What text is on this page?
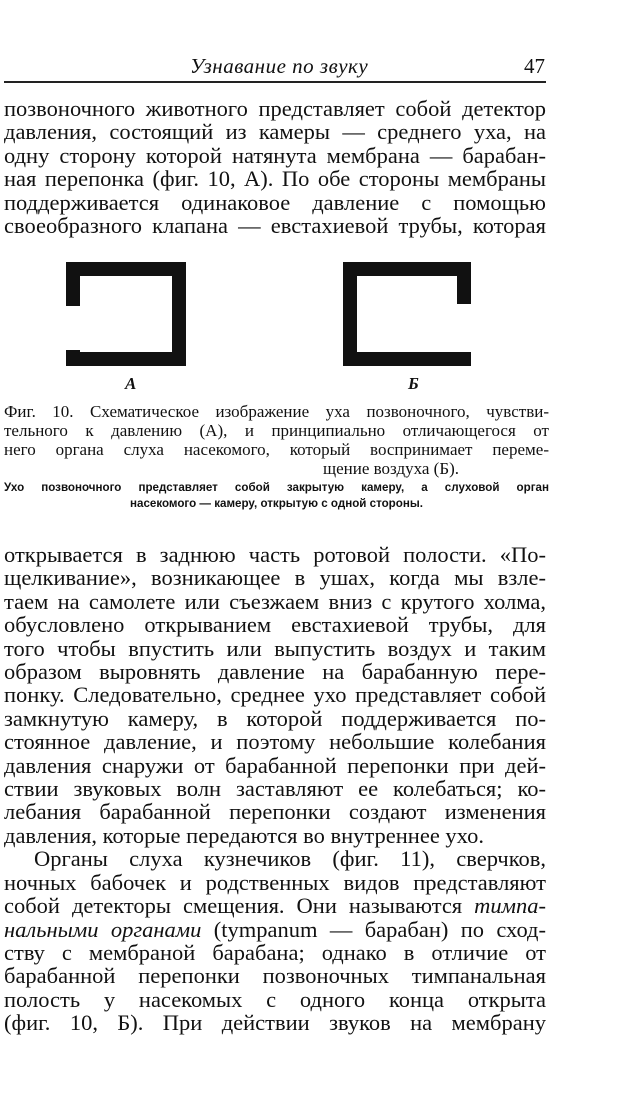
Узнавание по звуку	47
позвоночного животного представляет собой детектор
давления, состоящий из камеры — среднего уха, на
одну сторону которой натянута мембрана — барабан-
ная перепонка (фиг. 10, А). По обе стороны мембраны
поддерживается одинаковое давление с помощью
своеобразного клапана — евстахиевой трубы, которая
А	Б
Фиг. 10. Схематическое изображение уха позвоночного, чувстви-
тельного к давлению (А), и принципиально отличающегося от
него органа слуха насекомого, который воспринимает переме-
щение воздуха (Б).
Ухо позвоночного представляет собой закрытую камеру, а слуховой орган
насекомого — камеру, открытую с одной стороны.
открывается в заднюю часть ротовой полости. «По-
щелкивание», возникающее в ушах, когда мы взле-
таем на самолете или съезжаем вниз с крутого холма,
обусловлено открыванием евстахиевой трубы, для
того чтобы впустить или выпустить воздух и таким
образом выровнять давление на барабанную пере-
понку. Следовательно, среднее ухо представляет собой
замкнутую камеру, в которой поддерживается по-
стоянное давление, и поэтому небольшие колебания
давления снаружи от барабанной перепонки при дей-
ствии звуковых волн заставляют ее колебаться; ко-
лебания барабанной перепонки создают изменения
давления, которые передаются во внутреннее ухо.
Органы слуха кузнечиков (фиг. 11), сверчков,
ночных бабочек и родственных видов представляют
собой детекторы смещения. Они называются тимпа-
нальными органами (tympanum — барабан) по сход-
ству с мембраной барабана; однако в отличие от
барабанной перепонки позвоночных тимпанальная
полость у насекомых с одного конца открыта
(фиг. 10, Б). При действии звуков на мембрану
